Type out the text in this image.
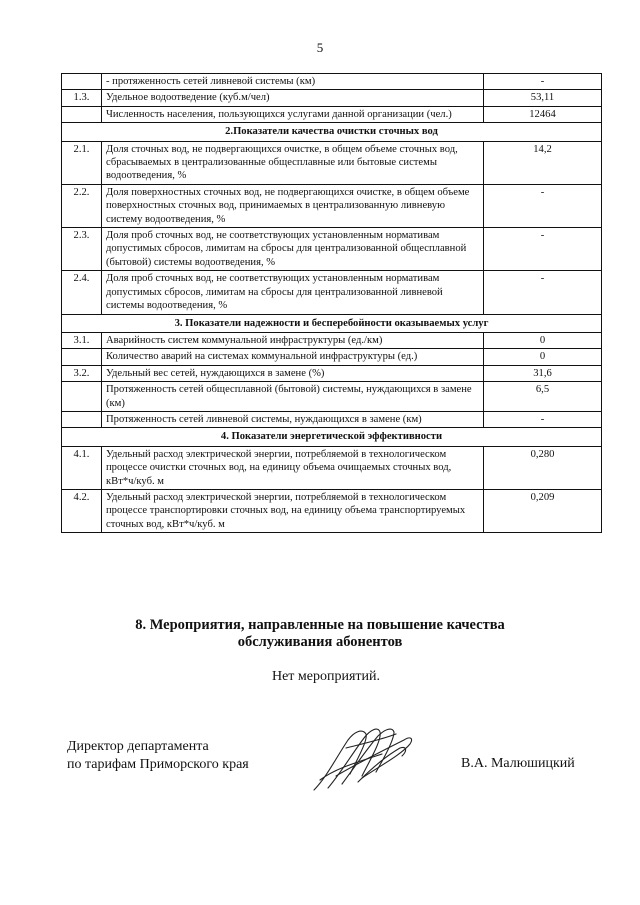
5
	- протяженность сетей ливневой системы (км)	-
1.3.	Удельное водоотведение (куб.м/чел)	53,11
	Численность населения, пользующихся услугами данной организации (чел.)	12464
2.Показатели качества очистки сточных вод		
2.1.	Доля сточных вод, не подвергающихся очистке, в общем объеме сточных вод, сбрасываемых в централизованные общесплавные или бытовые системы водоотведения, %	14,2
2.2.	Доля поверхностных сточных вод, не подвергающихся очистке, в общем объеме поверхностных сточных вод, принимаемых в централизованную ливневую систему водоотведения, %	-
2.3.	Доля проб сточных вод, не соответствующих установленным нормативам допустимых сбросов, лимитам на сбросы для централизованной общесплавной (бытовой) системы водоотведения, %	-
2.4.	Доля проб сточных вод, не соответствующих установленным нормативам допустимых сбросов, лимитам на сбросы для централизованной ливневой системы водоотведения, %	-
3. Показатели надежности и бесперебойности оказываемых услуг		
3.1.	Аварийность систем коммунальной инфраструктуры (ед./км)	0
	Количество аварий на системах коммунальной инфраструктуры (ед.)	0
3.2.	Удельный вес сетей, нуждающихся в замене (%)	31,6
	Протяженность сетей общесплавной (бытовой) системы, нуждающихся в замене (км)	6,5
	Протяженность сетей ливневой системы, нуждающихся в замене (км)	-
4. Показатели энергетической эффективности		
4.1.	Удельный расход электрической энергии, потребляемой в технологическом процессе очистки сточных вод, на единицу объема очищаемых сточных вод, кВт*ч/куб. м	0,280
4.2.	Удельный расход электрической энергии, потребляемой в технологическом процессе транспортировки сточных вод, на единицу объема транспортируемых сточных вод, кВт*ч/куб. м	0,209
8. Мероприятия, направленные на повышение качества
обслуживания абонентов
Нет мероприятий.
Директор департамента
по тарифам Приморского края	В.А. Малюшицкий
